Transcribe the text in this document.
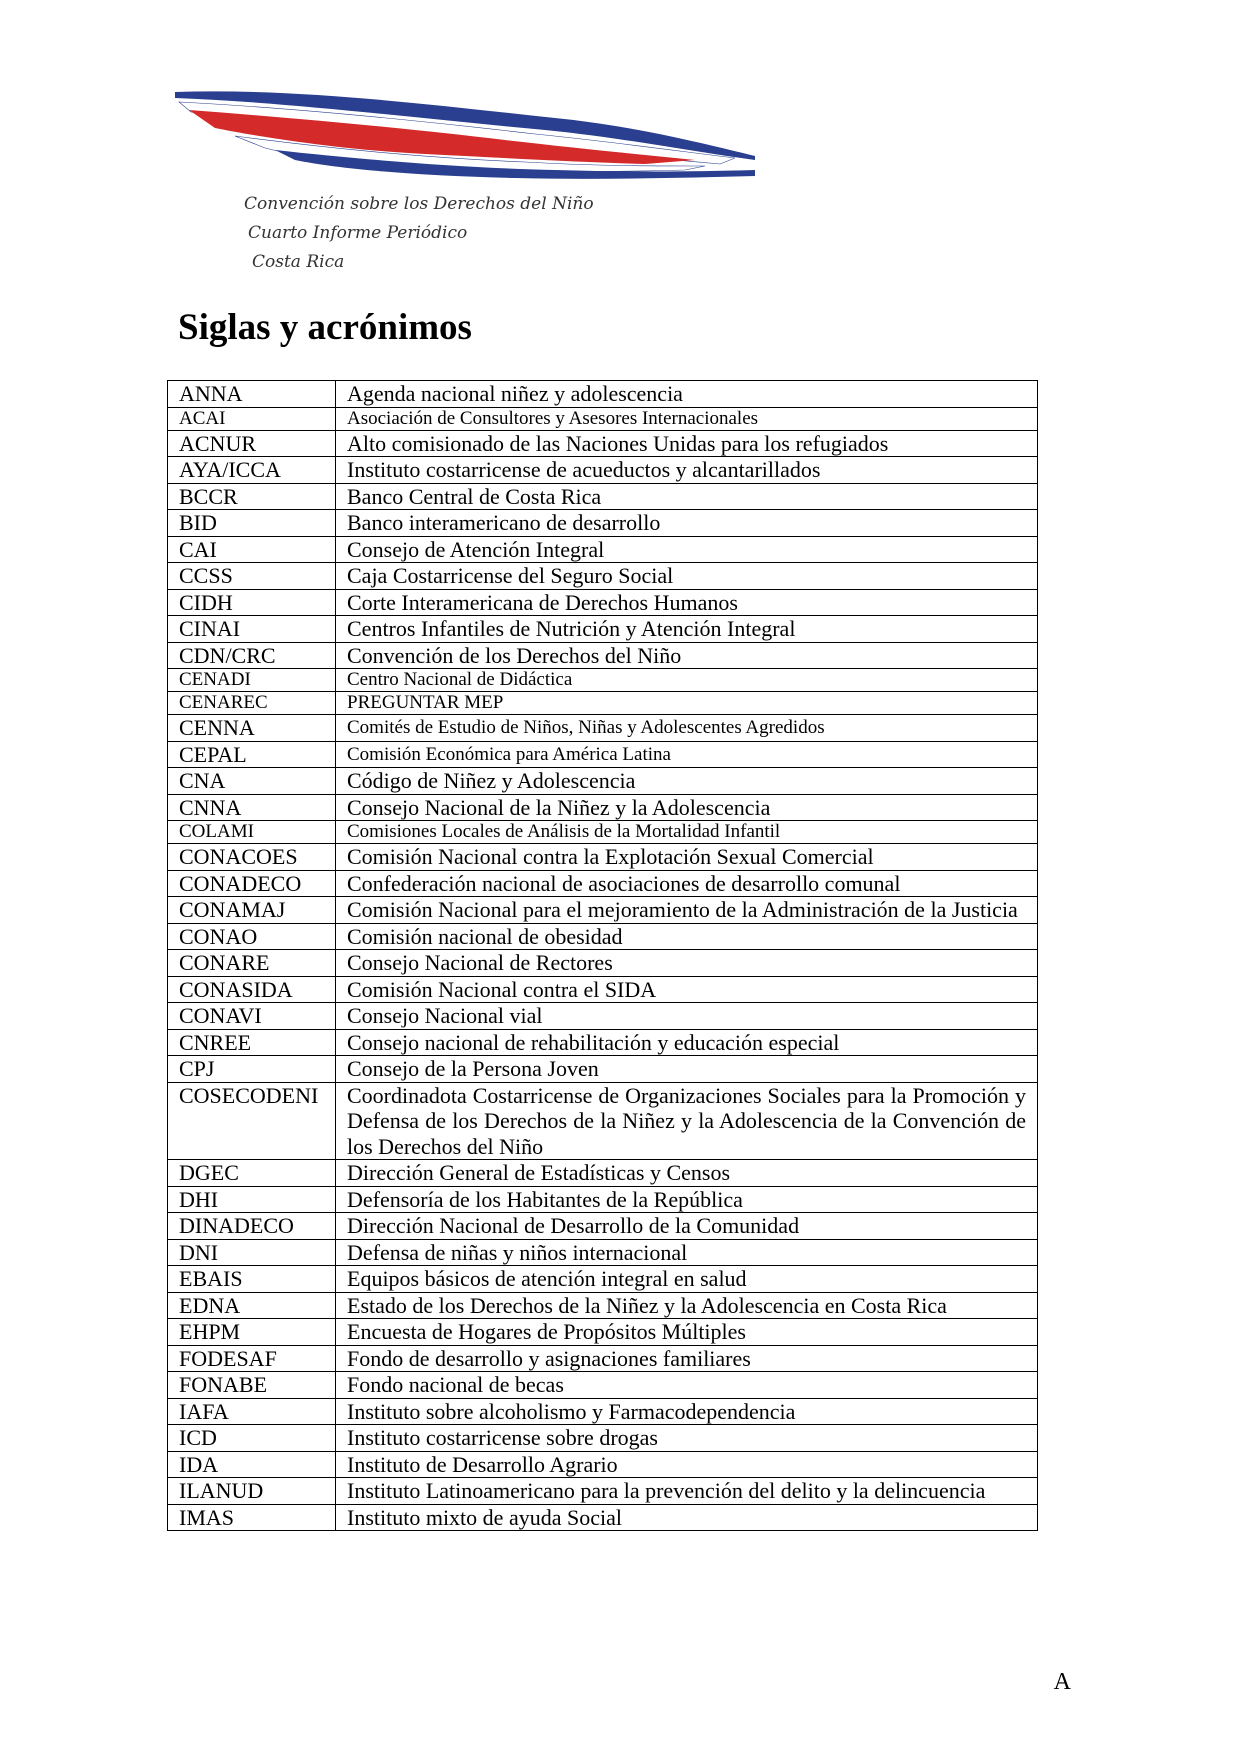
Convención sobre los Derechos del Niño
Cuarto Informe Periódico
Costa Rica
Siglas y acrónimos
ANNA	Agenda nacional niñez y adolescencia
ACAI	Asociación de Consultores y Asesores Internacionales
ACNUR	Alto comisionado de las Naciones Unidas para los refugiados
AYA/ICCA	Instituto costarricense de acueductos y alcantarillados
BCCR	Banco Central de Costa Rica
BID	Banco interamericano de desarrollo
CAI	Consejo de Atención Integral
CCSS	Caja Costarricense del Seguro Social
CIDH	Corte Interamericana de Derechos Humanos
CINAI	Centros Infantiles de Nutrición y Atención Integral
CDN/CRC	Convención de los Derechos del Niño
CENADI	Centro Nacional de Didáctica
CENAREC	PREGUNTAR MEP
CENNA	Comités de Estudio de Niños, Niñas y Adolescentes Agredidos
CEPAL	Comisión Económica para América Latina
CNA	Código de Niñez y Adolescencia
CNNA	Consejo Nacional de la Niñez y la Adolescencia
COLAMI	Comisiones Locales de Análisis de la Mortalidad Infantil
CONACOES	Comisión Nacional contra la Explotación Sexual Comercial
CONADECO	Confederación nacional de asociaciones de desarrollo comunal
CONAMAJ	Comisión Nacional para el mejoramiento de la Administración de la Justicia
CONAO	Comisión nacional de obesidad
CONARE	Consejo Nacional de Rectores
CONASIDA	Comisión Nacional contra el SIDA
CONAVI	Consejo Nacional vial
CNREE	Consejo nacional de rehabilitación y educación especial
CPJ	Consejo de la Persona Joven
COSECODENI	Coordinadota Costarricense de Organizaciones Sociales para la Promoción y Defensa de los Derechos de la Niñez y la Adolescencia de la Convención de los Derechos del Niño
DGEC	Dirección General de Estadísticas y Censos
DHI	Defensoría de los Habitantes de la República
DINADECO	Dirección Nacional de Desarrollo de la Comunidad
DNI	Defensa de niñas y niños internacional
EBAIS	Equipos básicos de atención integral en salud
EDNA	Estado de los Derechos de la Niñez y la Adolescencia en Costa Rica
EHPM	Encuesta de Hogares de Propósitos Múltiples
FODESAF	Fondo de desarrollo y asignaciones familiares
FONABE	Fondo nacional de becas
IAFA	Instituto sobre alcoholismo y Farmacodependencia
ICD	Instituto costarricense sobre drogas
IDA	Instituto de Desarrollo Agrario
ILANUD	Instituto Latinoamericano para la prevención del delito y la delincuencia
IMAS	Instituto mixto de ayuda Social
A
